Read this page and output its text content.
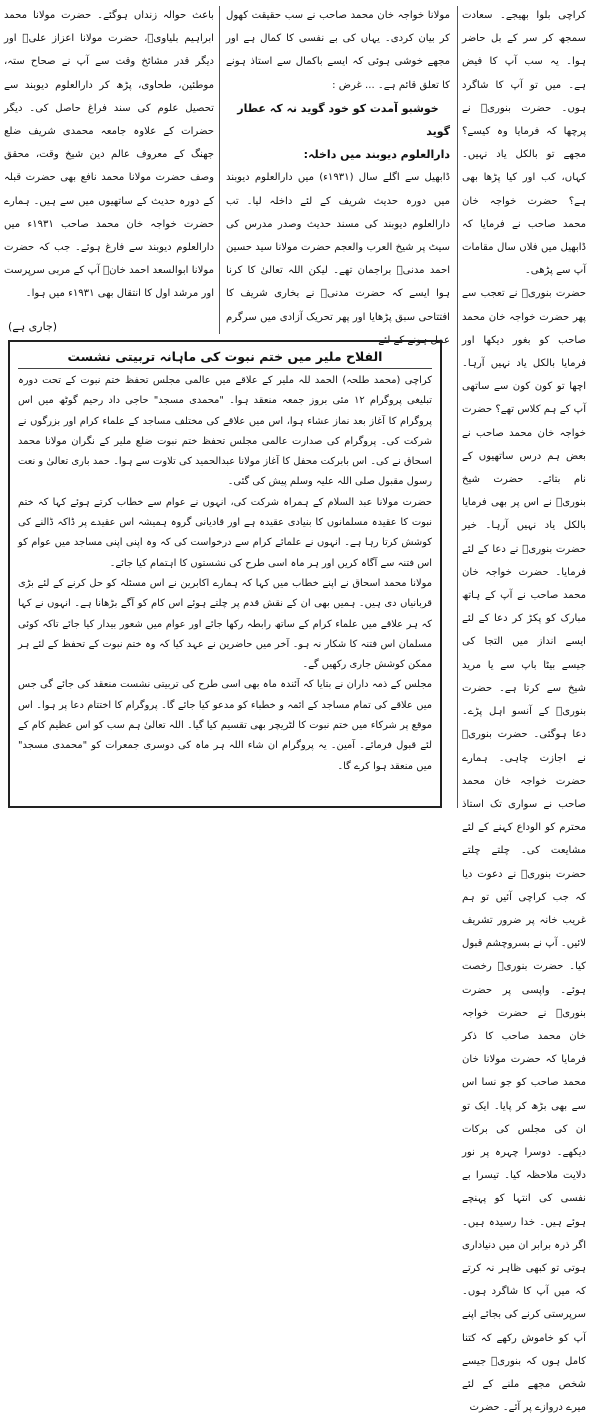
کراچی بلوا بھیجے۔ سعادت سمجھ کر سر کے بل حاضر ہوا۔ یہ سب آپ کا فیض ہے۔ میں تو آپ کا شاگرد ہوں۔ حضرت بنوریؒ نے پرچھا کہ فرمایا وہ کیسے؟ مجھے تو بالکل یاد نہیں۔ کہاں، کب اور کیا پڑھا بھی ہے؟ حضرت خواجہ خان محمد صاحب نے فرمایا کہ ڈابھیل میں فلاں سال مقامات آپ سے پڑھی۔

حضرت بنوریؒ نے تعجب سے پھر حضرت خواجہ خان محمد صاحب کو بغور دیکھا اور فرمایا بالکل یاد نہیں آرہا۔ اچھا تو کون کون سے ساتھی آپ کے ہم کلاس تھے؟ حضرت خواجہ خان محمد صاحب نے بعض ہم درس ساتھیوں کے نام بتائے۔ حضرت شیخ بنوریؒ نے اس پر بھی فرمایا بالکل یاد نہیں آرہا۔ خیر حضرت بنوریؒ نے دعا کے لئے فرمایا۔ حضرت خواجہ خان محمد صاحب نے آپ کے ہاتھ مبارک کو پکڑ کر دعا کے لئے ایسے انداز میں التجا کی جیسے بیٹا باپ سے یا مرید شیخ سے کرتا ہے۔ حضرت بنوریؒ کے آنسو اہل پڑے۔ دعا ہوگئی۔ حضرت بنوریؒ نے اجازت چاہی۔ ہمارے حضرت خواجہ خان محمد صاحب نے سواری تک استاذ محترم کو الوداع کہنے کے لئے مشایعت کی۔ چلتے چلتے حضرت بنوریؒ نے دعوت دیا کہ جب کراچی آئیں تو ہم غریب خانہ پر ضرور تشریف لائیں۔ آپ نے بسروچشم قبول کیا۔ حضرت بنوریؒ رخصت ہوئے۔ واپسی پر حضرت بنوریؒ نے حضرت خواجہ خان محمد صاحب کا ذکر فرمایا کہ حضرت مولانا خان محمد صاحب کو جو نسا اس سے بھی بڑھ کر پایا۔ ایک تو ان کی مجلس کی برکات دیکھے۔ دوسرا چہرہ پر نور دلایت ملاحظہ کیا۔ تیسرا بے نفسی کی انتہا کو پہنچے ہوئے ہیں۔ خدا رسیدہ ہیں۔ اگر ذرہ برابر ان میں دنیاداری ہوتی تو کبھی ظاہر نہ کرتے کہ میں آپ کا شاگرد ہوں۔ سرپرستی کرنے کی بجائے اپنے آپ کو خاموش رکھے کہ کتنا کامل ہوں کہ بنوریؒ جیسے شخص مجھے ملنے کے لئے میرے دروازے پر آئے۔ حضرت

مولانا خواجہ خان محمد صاحب نے سب حقیقت کھول کر بیان کردی۔ یہاں کی بے نفسی کا کمال ہے اور مجھے خوشی ہوئی کہ ایسے باکمال سے استاذ ہونے کا تعلق قائم ہے۔ ... غرض :

خوشبو آمدت کو خود گوید نہ کہ عطار گوید

دارالعلوم دیوبند میں داخلہ:

ڈابھیل سے اگلے سال (۱۹۳۱ء) میں دارالعلوم دیوبند میں دورہ حدیث شریف کے لئے داخلہ لیا۔ تب دارالعلوم دیوبند کی مسند حدیث وصدر مدرس کی سیٹ پر شیخ العرب والعجم حضرت مولانا سید حسین احمد مدنیؒ براجمان تھے۔ لیکن اللہ تعالیٰ کا کرنا ہوا ایسے کہ حضرت مدنیؒ نے بخاری شریف کا افتتاحی سبق پڑھایا اور پھر تحریک آزادی میں سرگرم عمل ہونے کے لئے

باعث حوالہ زنداں ہوگئے۔ حضرت مولانا محمد ابراہیم بلیاویؒ، حضرت مولانا اعزاز علیؒ اور دیگر قدر مشائخ وقت سے آپ نے صحاح ستہ، موطئین، طحاوی، پڑھ کر دارالعلوم دیوبند سے تحصیل علوم کی سند فراغ حاصل کی۔ دیگر حضرات کے علاوہ جامعہ محمدی شریف ضلع جھنگ کے معروف عالم دین شیخ وقت، محقق وصف حضرت مولانا محمد نافع بھی حضرت قبلہ کے دورہ حدیث کے ساتھیوں میں سے ہیں۔ ہمارے حضرت خواجہ خان محمد صاحب ۱۹۳۱ء میں دارالعلوم دیوبند سے فارغ ہوئے۔ جب کہ حضرت مولانا ابوالسعد احمد خانؒ آپ کے مربی سرپرست اور مرشد اول کا انتقال بھی ۱۹۳۱ء میں ہوا۔

(جاری ہے)
الفلاح ملیر میں ختم نبوت کی ماہانہ تربیتی نشست

کراچی (محمد طلحہ) الحمد للہ ملیر کے علاقے میں عالمی مجلس تحفظ ختم نبوت کے تحت دورہ تبلیغی پروگرام ۱۲ مئی بروز جمعہ منعقد ہوا۔ "محمدی مسجد" حاجی داد رحیم گوٹھ میں اس پروگرام کا آغاز بعد نماز عشاء ہوا، اس میں علاقے کی مختلف مساجد کے علماء کرام اور بزرگوں نے شرکت کی۔ پروگرام کی صدارت عالمی مجلس تحفظ ختم نبوت ضلع ملیر کے نگران مولانا محمد اسحاق نے کی۔ اس بابرکت محفل کا آغاز مولانا عبدالحمید کی تلاوت سے ہوا۔ حمد باری تعالیٰ و نعت رسول مقبول صلی اللہ علیہ وسلم پیش کی گئی۔

حضرت مولانا عبد السلام کے ہمراہ شرکت کی، انہوں نے عوام سے خطاب کرتے ہوئے کہا کہ ختم نبوت کا عقیدہ مسلمانوں کا بنیادی عقیدہ ہے اور قادیانی گروہ ہمیشہ اس عقیدے پر ڈاکہ ڈالنے کی کوشش کرتا رہا ہے۔ انہوں نے علمائے کرام سے درخواست کی کہ وہ اپنی اپنی مساجد میں عوام کو اس فتنہ سے آگاہ کریں اور ہر ماہ اسی طرح کی نشستوں کا اہتمام کیا جائے۔

مولانا محمد اسحاق نے اپنے خطاب میں کہا کہ ہمارے اکابرین نے اس مسئلہ کو حل کرنے کے لئے بڑی قربانیاں دی ہیں۔ ہمیں بھی ان کے نقش قدم پر چلتے ہوئے اس کام کو آگے بڑھانا ہے۔ انہوں نے کہا کہ ہر علاقے میں علماء کرام کے ساتھ رابطہ رکھا جائے اور عوام میں شعور بیدار کیا جائے تاکہ کوئی مسلمان اس فتنہ کا شکار نہ ہو۔ آخر میں حاضرین نے عہد کیا کہ وہ ختم نبوت کے تحفظ کے لئے ہر ممکن کوشش جاری رکھیں گے۔

مجلس کے ذمہ داران نے بتایا کہ آئندہ ماہ بھی اسی طرح کی تربیتی نشست منعقد کی جائے گی جس میں علاقے کی تمام مساجد کے ائمہ و خطباء کو مدعو کیا جائے گا۔ پروگرام کا اختتام دعا پر ہوا۔ اس موقع پر شرکاء میں ختم نبوت کا لٹریچر بھی تقسیم کیا گیا۔ اللہ تعالیٰ ہم سب کو اس عظیم کام کے لئے قبول فرمائے۔ آمین۔ یہ پروگرام ان شاء اللہ ہر ماہ کی دوسری جمعرات کو "محمدی مسجد" میں منعقد ہوا کرے گا۔
